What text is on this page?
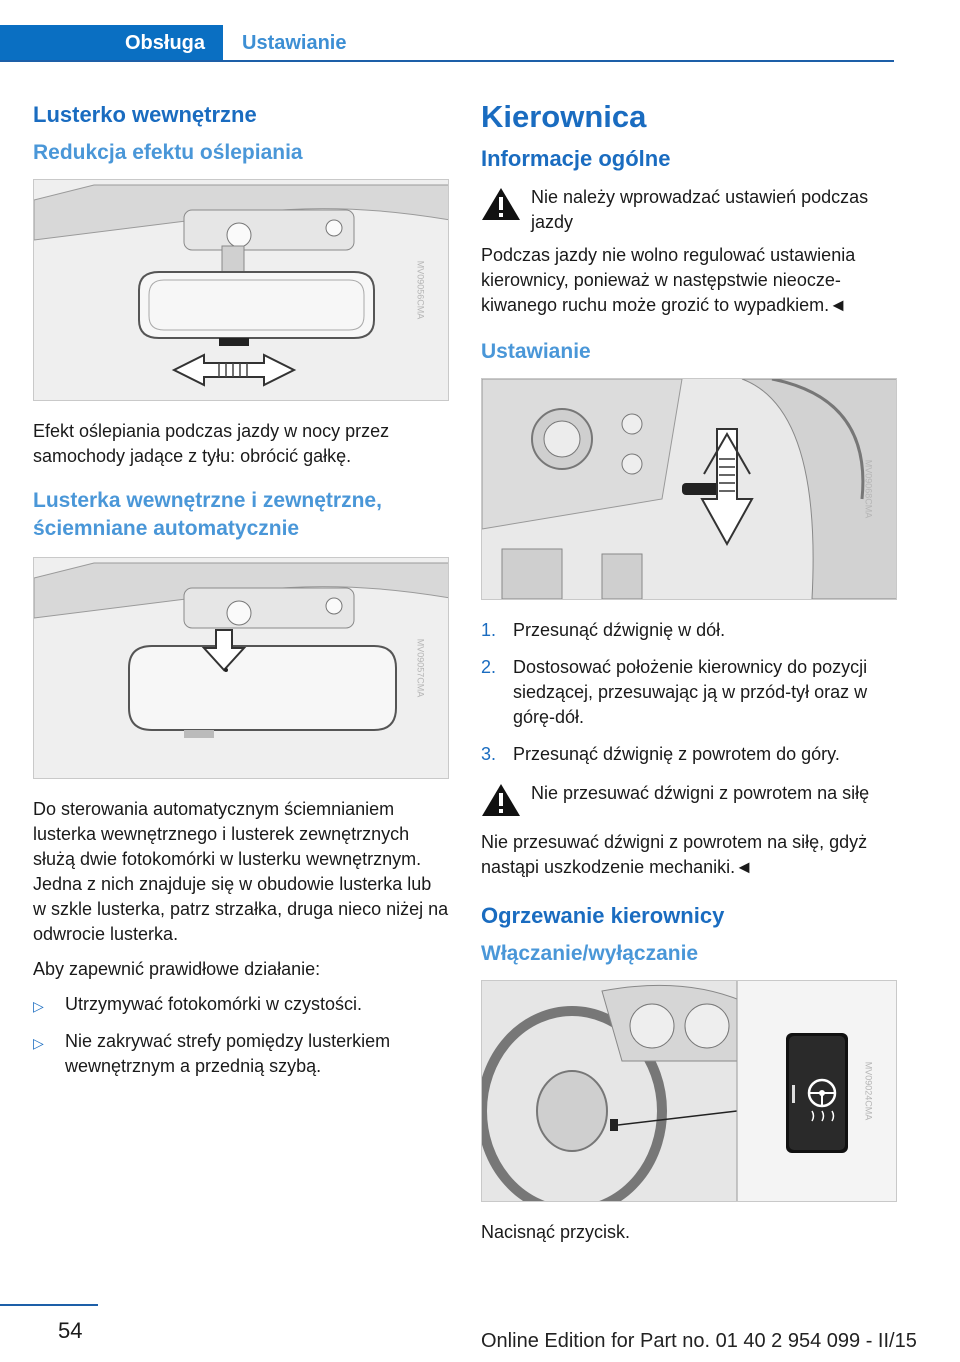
Obsługa	Ustawianie
Lusterko wewnętrzne
Redukcja efektu oślepiania
MV09056CMA

Efekt oślepiania podczas jazdy w nocy przez samochody jadące z tyłu: obrócić gałkę.

Lusterka wewnętrzne i zewnętrzne, ściemniane automatycznie
MV09057CMA

Do sterowania automatycznym ściemnianiem lusterka wewnętrznego i lusterek zewnętrznych służą dwie fotokomórki w lusterku wewnętrznym. Jedna z nich znajduje się w obudowie lusterka lub w szkle lusterka, patrz strzałka, druga nieco niżej na odwrocie lusterka.

Aby zapewnić prawidłowe działanie:

▷	Utrzymywać fotokomórki w czystości.
▷	Nie zakrywać strefy pomiędzy lusterkiem wewnętrznym a przednią szybą.
Kierownica
Informacje ogólne
Nie należy wprowadzać ustawień podczas jazdy

Podczas jazdy nie wolno regulować ustawienia kierownicy, ponieważ w następstwie nieoczekiwanego ruchu może grozić to wypadkiem.◄

Ustawianie
MV09068CMA
1. Przesunąć dźwignię w dół.
2. Dostosować położenie kierownicy do pozycji siedzącej, przesuwając ją w przód-tył oraz w górę-dół.
3. Przesunąć dźwignię z powrotem do góry.
Nie przesuwać dźwigni z powrotem na siłę

Nie przesuwać dźwigni z powrotem na siłę, gdyż nastąpi uszkodzenie mechaniki.◄

Ogrzewanie kierownicy
Włączanie/wyłączanie
MV09024CMA

Nacisnąć przycisk.

54	Online Edition for Part no. 01 40 2 954 099 - II/15
